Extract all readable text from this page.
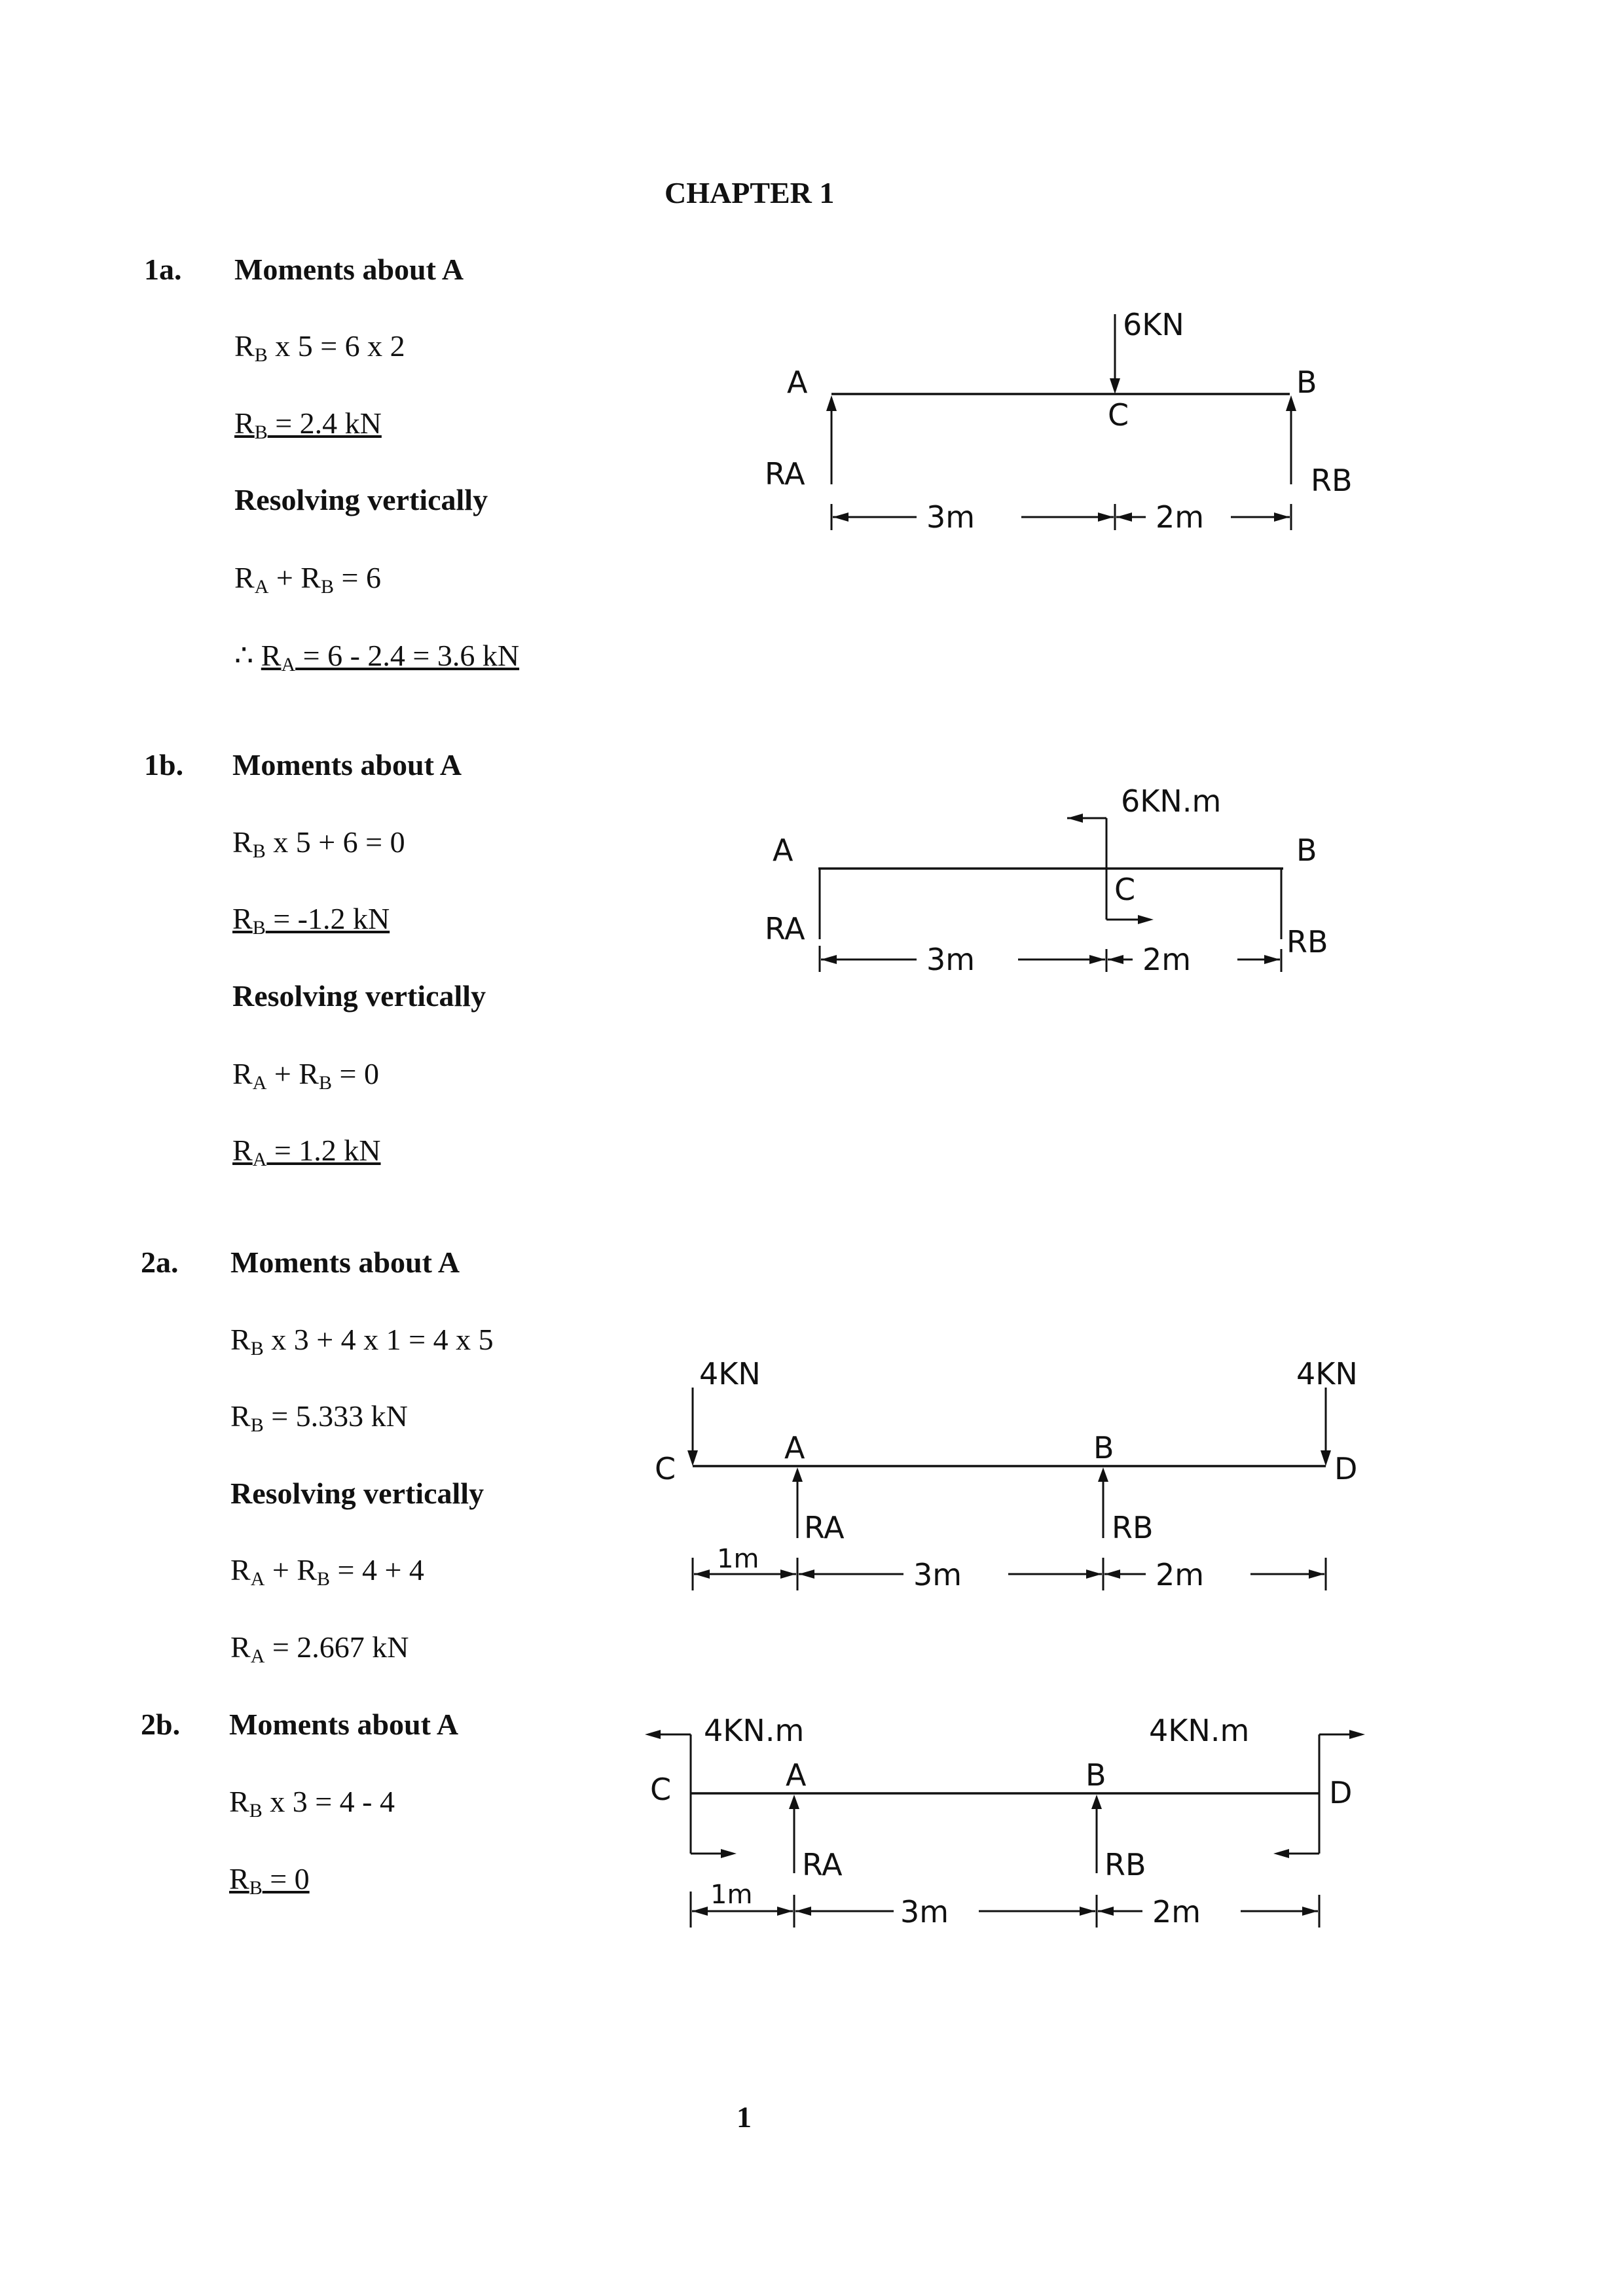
CHAPTER 1
1a. Moments about A
$R_B$ x 5 = 6 x 2
$R_B = 2.4$ kN
Resolving vertically
$R_A + R_B = 6$
∴ $R_A = 6 - 2.4 = 3.6$ kN
6KN
A
C
B
RA	RB
3m	2m
1b. Moments about A
$R_B$ x 5 + 6 = 0
$R_B = -1.2$ kN
Resolving vertically
$R_A + R_B = 0$
$R_A = 1.2$ kN
6KN.m
A
C
B
RA	RB
3m	2m
2a. Moments about A
$R_B$ x 3 + 4 x 1 = 4 x 5
$R_B = 5.333$ kN
Resolving vertically
$R_A + R_B = 4 + 4$
$R_A = 2.667$ kN
4KN	4KN
C
A	B
D
RA	RB
1m	3m	2m
2b. Moments about A
$R_B$ x 3 = 4 - 4
$R_B = 0$
4KN.m	4KN.m
C	A	B	D
RA	RB
1m	3m	2m
1
